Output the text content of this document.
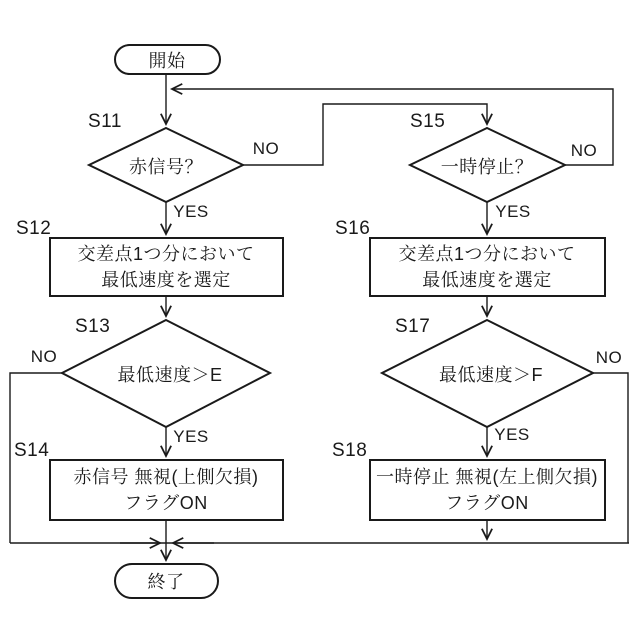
開始
終了
S11
S12
S13
S14
S15
S16
S17
S18
赤信号？
最低速度＞E
一時停止？
最低速度＞F
交差点1つ分において
最低速度を選定
赤信号 無視(上側欠損)
フラグON
交差点1つ分において
最低速度を選定
一時停止 無視(左上側欠損)
フラグON
NO
YES
NO
YES
NO
YES
NO
YES
